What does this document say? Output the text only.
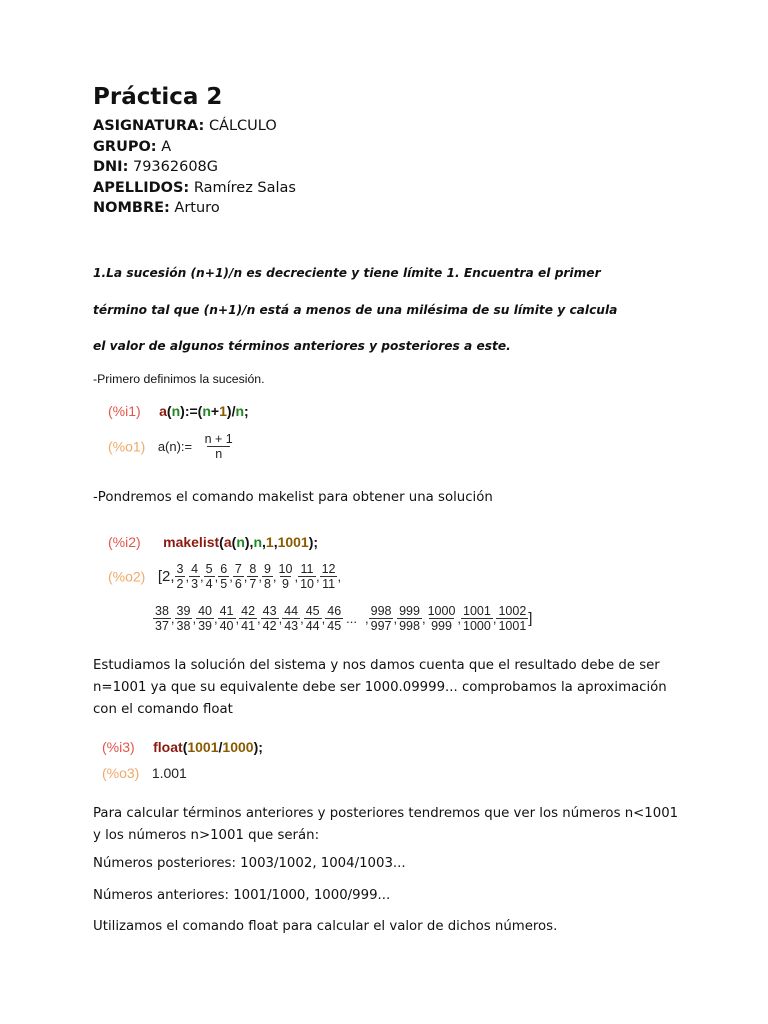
Práctica 2
ASIGNATURA: CÁLCULO
GRUPO: A
DNI: 79362608G
APELLIDOS: Ramírez Salas
NOMBRE: Arturo
1.La sucesión (n+1)/n es decreciente y tiene límite 1. Encuentra el primer
término tal que (n+1)/n está a menos de una milésima de su límite y calcula
el valor de algunos términos anteriores y posteriores a este.
-Primero definimos la sucesión.
(%i1) a(n):=(n+1)/n;
(%o1) a(n):= $\frac{n + 1}{n}$
-Pondremos el comando makelist para obtener una solución
(%i2) makelist(a(n),n,1,1001);
(%o2) [2, $\frac{3}{2}$ , $\frac{4}{3}$ , $\frac{5}{4}$ , $\frac{6}{5}$ , $\frac{7}{6}$ , $\frac{8}{7}$ , $\frac{9}{8}$ , $\frac{10}{9}$ , $\frac{11}{10}$ , $\frac{12}{11}$ ,
$\frac{38}{37}$ , $\frac{39}{38}$ , $\frac{40}{39}$ , $\frac{41}{40}$ , $\frac{42}{41}$ , $\frac{43}{42}$ , $\frac{44}{43}$ , $\frac{45}{44}$ , $\frac{46}{45}$ ... , $\frac{998}{997}$ , $\frac{999}{998}$ , $\frac{1000}{999}$ , $\frac{1001}{1000}$ , $\frac{1002}{1001}$ ]
Estudiamos la solución del sistema y nos damos cuenta que el resultado debe de ser
n=1001 ya que su equivalente debe ser 1000.09999... comprobamos la aproximación
con el comando float
(%i3) float(1001/1000);
(%o3) 1.001
Para calcular términos anteriores y posteriores tendremos que ver los números n<1001
y los números n>1001 que serán:
Números posteriores: 1003/1002, 1004/1003...
Números anteriores: 1001/1000, 1000/999...
Utilizamos el comando float para calcular el valor de dichos números.
